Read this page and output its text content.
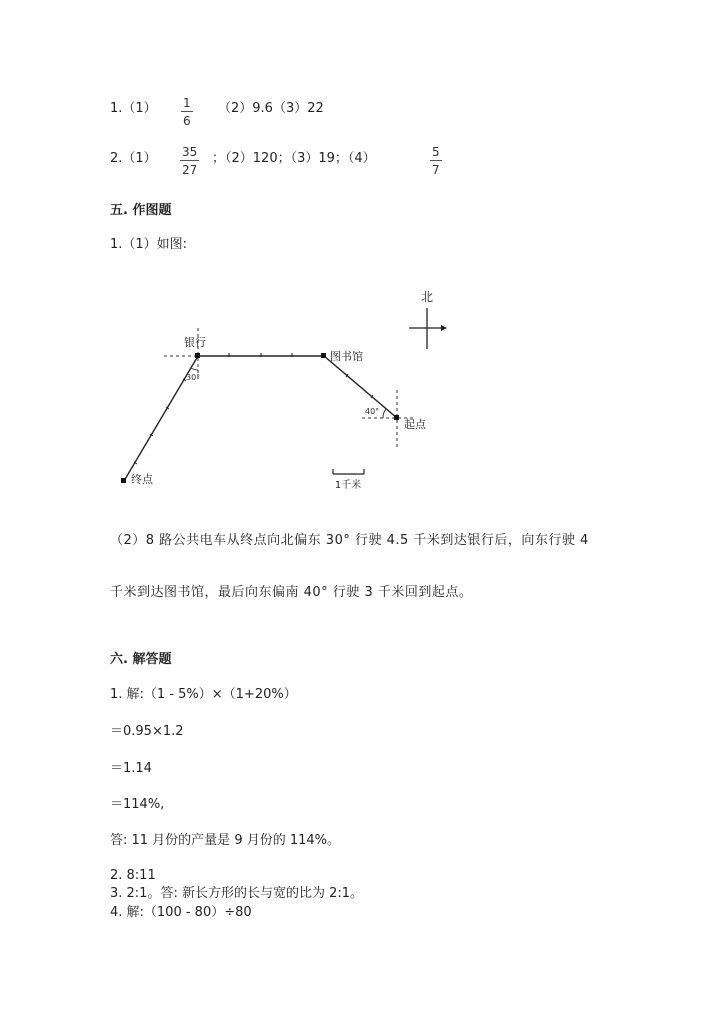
1.（1） 1
6
（2）9.6（3）22
2.（1） 35
27
；（2）120；（3）19；（4）	5
7
五. 作图题
1.（1）如图:
北
银行
图书馆
起点
终点
30°
40°
1千米
（2）8 路公共电车从终点向北偏东 30° 行驶 4.5 千米到达银行后，向东行驶 4
千米到达图书馆，最后向东偏南 40° 行驶 3 千米回到起点。
六. 解答题
1. 解:（1 - 5%）×（1+20%）
＝0.95×1.2
＝1.14
＝114%,
答: 11 月份的产量是 9 月份的 114%。
2. 8:11
3. 2:1。答: 新长方形的长与宽的比为 2:1。
4. 解:（100 - 80）÷80
